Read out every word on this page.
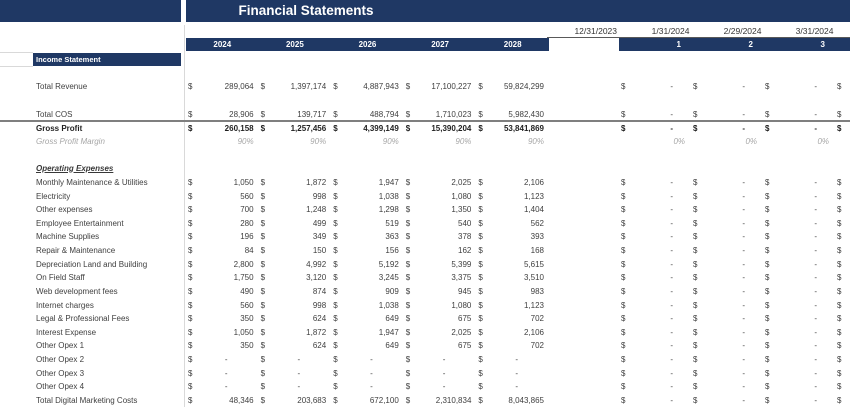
Financial Statements
12/31/2023	1/31/2024	2/29/2024	3/31/2024
2024	2025	2026	2027	2028	1	2	3
Income Statement
Total Revenue	$	289,064 $	1,397,174 $	4,887,943 $	17,100,227 $	59,824,299	$	-	$	-	$	-	$
Total COS	$	28,906 $	139,717 $	488,794 $	1,710,023 $	5,982,430	$	-	$	-	$	-	$
Gross Profit	$	260,158 $	1,257,456 $	4,399,149 $	15,390,204 $	53,841,869	$	-	$	-	$	-	$
Gross Profit Margin	90%	90%	90%	90%	90%	0%	0%	0%
Operating Expenses
Monthly Maintenance & Utilities	$	1,050 $	1,872 $	1,947 $	2,025 $	2,106	$	-	$	-	$	-	$
Electricity	$	560 $	998 $	1,038 $	1,080 $	1,123	$	-	$	-	$	-	$
Other expenses	$	700 $	1,248 $	1,298 $	1,350 $	1,404	$	-	$	-	$	-	$
Employee Entertainment	$	280 $	499 $	519 $	540 $	562	$	-	$	-	$	-	$
Machine Supplies	$	196 $	349 $	363 $	378 $	393	$	-	$	-	$	-	$
Repair & Maintenance	$	84 $	150 $	156 $	162 $	168	$	-	$	-	$	-	$
Depreciation Land and Building	$	2,800 $	4,992 $	5,192 $	5,399 $	5,615	$	-	$	-	$	-	$
On Field Staff	$	1,750 $	3,120 $	3,245 $	3,375 $	3,510	$	-	$	-	$	-	$
Web development fees	$	490 $	874 $	909 $	945 $	983	$	-	$	-	$	-	$
Internet charges	$	560 $	998 $	1,038 $	1,080 $	1,123	$	-	$	-	$	-	$
Legal & Professional Fees	$	350 $	624 $	649 $	675 $	702	$	-	$	-	$	-	$
Interest Expense	$	1,050 $	1,872 $	1,947 $	2,025 $	2,106	$	-	$	-	$	-	$
Other Opex 1	$	350 $	624 $	649 $	675 $	702	$	-	$	-	$	-	$
Other Opex 2	$	-	$	-	$	-	$	-	$	-	$	-	$	-	$	-	$
Other Opex 3	$	-	$	-	$	-	$	-	$	-	$	-	$	-	$	-	$
Other Opex 4	$	-	$	-	$	-	$	-	$	-	$	-	$	-	$	-	$
Total Digital Marketing Costs	$	48,346 $	203,683 $	672,100 $	2,310,834 $	8,043,865	$	-	$	-	$	-	$
